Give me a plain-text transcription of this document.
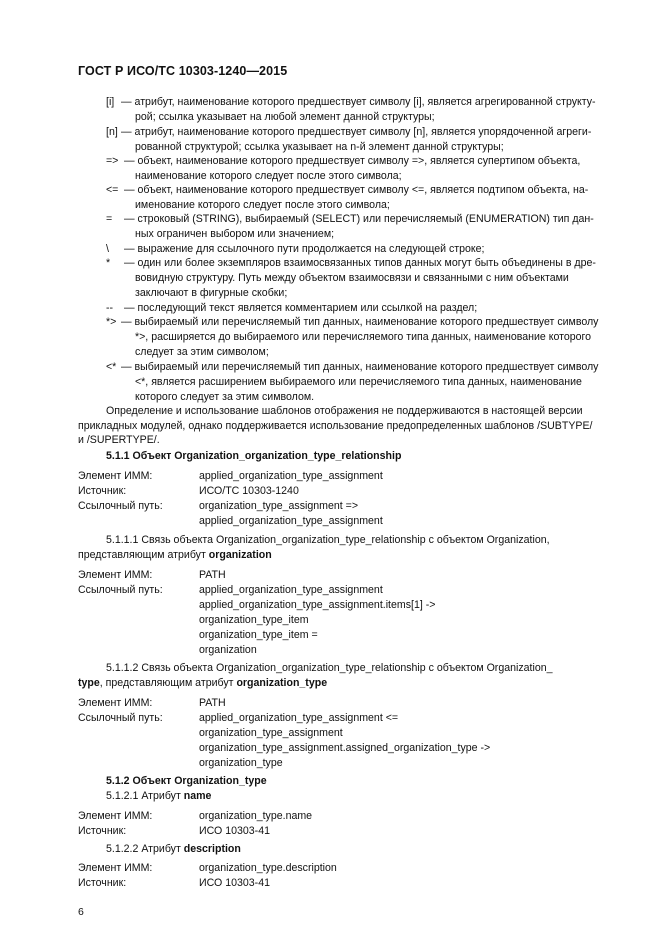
ГОСТ Р ИСО/ТС 10303-1240—2015
[i] — атрибут, наименование которого предшествует символу [i], является агрегированной структу-
рой; ссылка указывает на любой элемент данной структуры;
[n] — атрибут, наименование которого предшествует символу [n], является упорядоченной агреги-
рованной структурой; ссылка указывает на n-й элемент данной структуры;
=> — объект, наименование которого предшествует символу =>, является супертипом объекта,
наименование которого следует после этого символа;
<= — объект, наименование которого предшествует символу <=, является подтипом объекта, на-
именование которого следует после этого символа;
= — строковый (STRING), выбираемый (SELECT) или перечисляемый (ENUMERATION) тип дан-
ных ограничен выбором или значением;
\ — выражение для ссылочного пути продолжается на следующей строке;
* — один или более экземпляров взаимосвязанных типов данных могут быть объединены в дре-
вовидную структуру. Путь между объектом взаимосвязи и связанными с ним объектами
заключают в фигурные скобки;
-- — последующий текст является комментарием или ссылкой на раздел;
*> — выбираемый или перечисляемый тип данных, наименование которого предшествует символу
*>, расширяется до выбираемого или перечисляемого типа данных, наименование которого
следует за этим символом;
<* — выбираемый или перечисляемый тип данных, наименование которого предшествует символу
<*, является расширением выбираемого или перечисляемого типа данных, наименование
которого следует за этим символом.
Определение и использование шаблонов отображения не поддерживаются в настоящей версии
прикладных модулей, однако поддерживается использование предопределенных шаблонов /SUBTYPE/
и /SUPERTYPE/.
5.1.1 Объект Organization_organization_type_relationship
Элемент ИММ:	applied_organization_type_assignment
Источник:	ИСО/ТС 10303-1240
Ссылочный путь:	organization_type_assignment =>
applied_organization_type_assignment
5.1.1.1 Связь объекта Organization_organization_type_relationship с объектом Organization,
представляющим атрибут organization
Элемент ИММ:	PATH
Ссылочный путь:	applied_organization_type_assignment
applied_organization_type_assignment.items[1] ->
organization_type_item
organization_type_item =
organization
5.1.1.2 Связь объекта Organization_organization_type_relationship с объектом Organization_
type, представляющим атрибут organization_type
Элемент ИММ:	PATH
Ссылочный путь:	applied_organization_type_assignment <=
organization_type_assignment
organization_type_assignment.assigned_organization_type ->
organization_type
5.1.2 Объект Organization_type
5.1.2.1 Атрибут name
Элемент ИММ:	organization_type.name
Источник:	ИСО 10303-41
5.1.2.2 Атрибут description
Элемент ИММ:	organization_type.description
Источник:	ИСО 10303-41
6
